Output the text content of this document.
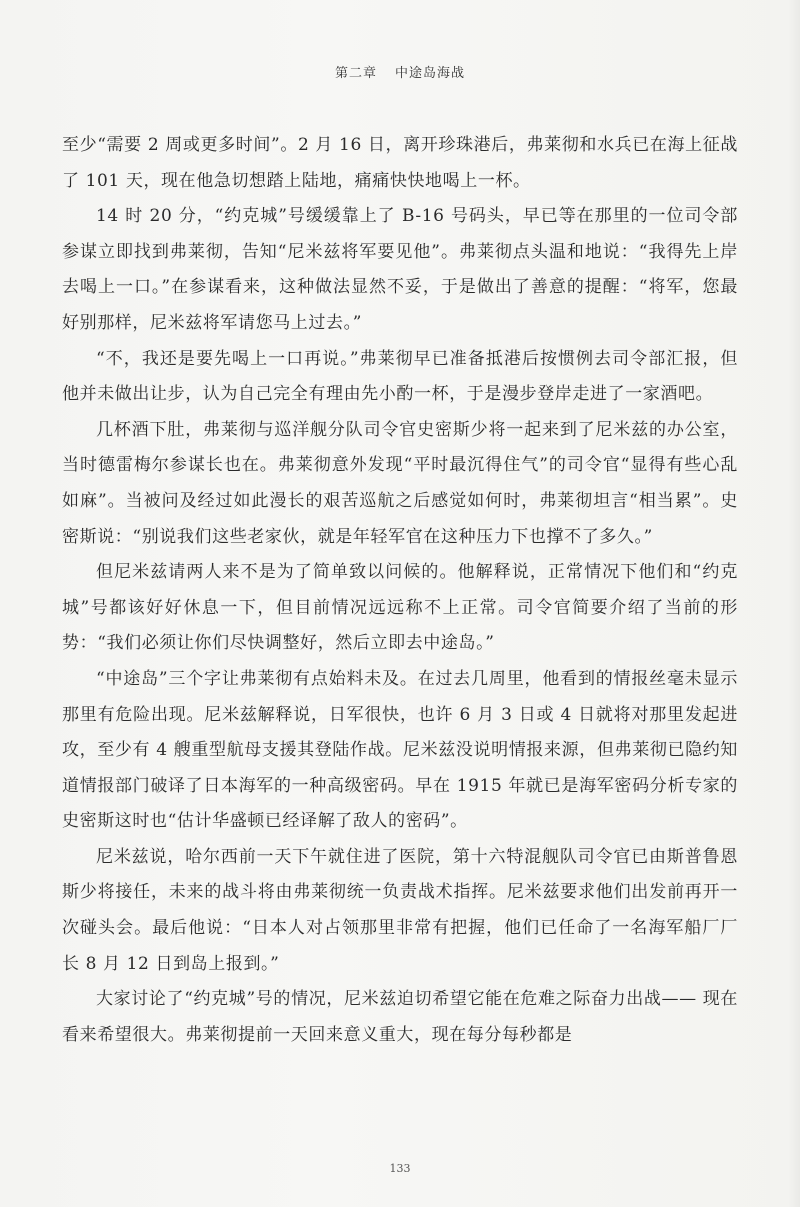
第二章 中途岛海战

至少“需要 2 周或更多时间”。2 月 16 日，离开珍珠港后，弗莱彻和水兵已在海上征战了 101 天，现在他急切想踏上陆地，痛痛快快地喝上一杯。

14 时 20 分，“约克城”号缓缓靠上了 B-16 号码头，早已等在那里的一位司令部参谋立即找到弗莱彻，告知“尼米兹将军要见他”。弗莱彻点头温和地说：“我得先上岸去喝上一口。”在参谋看来，这种做法显然不妥，于是做出了善意的提醒：“将军，您最好别那样，尼米兹将军请您马上过去。”

“不，我还是要先喝上一口再说。”弗莱彻早已准备抵港后按惯例去司令部汇报，但他并未做出让步，认为自己完全有理由先小酌一杯，于是漫步登岸走进了一家酒吧。

几杯酒下肚，弗莱彻与巡洋舰分队司令官史密斯少将一起来到了尼米兹的办公室，当时德雷梅尔参谋长也在。弗莱彻意外发现“平时最沉得住气”的司令官“显得有些心乱如麻”。当被问及经过如此漫长的艰苦巡航之后感觉如何时，弗莱彻坦言“相当累”。史密斯说：“别说我们这些老家伙，就是年轻军官在这种压力下也撑不了多久。”

但尼米兹请两人来不是为了简单致以问候的。他解释说，正常情况下他们和“约克城”号都该好好休息一下，但目前情况远远称不上正常。司令官简要介绍了当前的形势：“我们必须让你们尽快调整好，然后立即去中途岛。”

“中途岛”三个字让弗莱彻有点始料未及。在过去几周里，他看到的情报丝毫未显示那里有危险出现。尼米兹解释说，日军很快，也许 6 月 3 日或 4 日就将对那里发起进攻，至少有 4 艘重型航母支援其登陆作战。尼米兹没说明情报来源，但弗莱彻已隐约知道情报部门破译了日本海军的一种高级密码。早在 1915 年就已是海军密码分析专家的史密斯这时也“估计华盛顿已经译解了敌人的密码”。

尼米兹说，哈尔西前一天下午就住进了医院，第十六特混舰队司令官已由斯普鲁恩斯少将接任，未来的战斗将由弗莱彻统一负责战术指挥。尼米兹要求他们出发前再开一次碰头会。最后他说：“日本人对占领那里非常有把握，他们已任命了一名海军船厂厂长 8 月 12 日到岛上报到。”

大家讨论了“约克城”号的情况，尼米兹迫切希望它能在危难之际奋力出战—— 现在看来希望很大。弗莱彻提前一天回来意义重大，现在每分每秒都是

133
